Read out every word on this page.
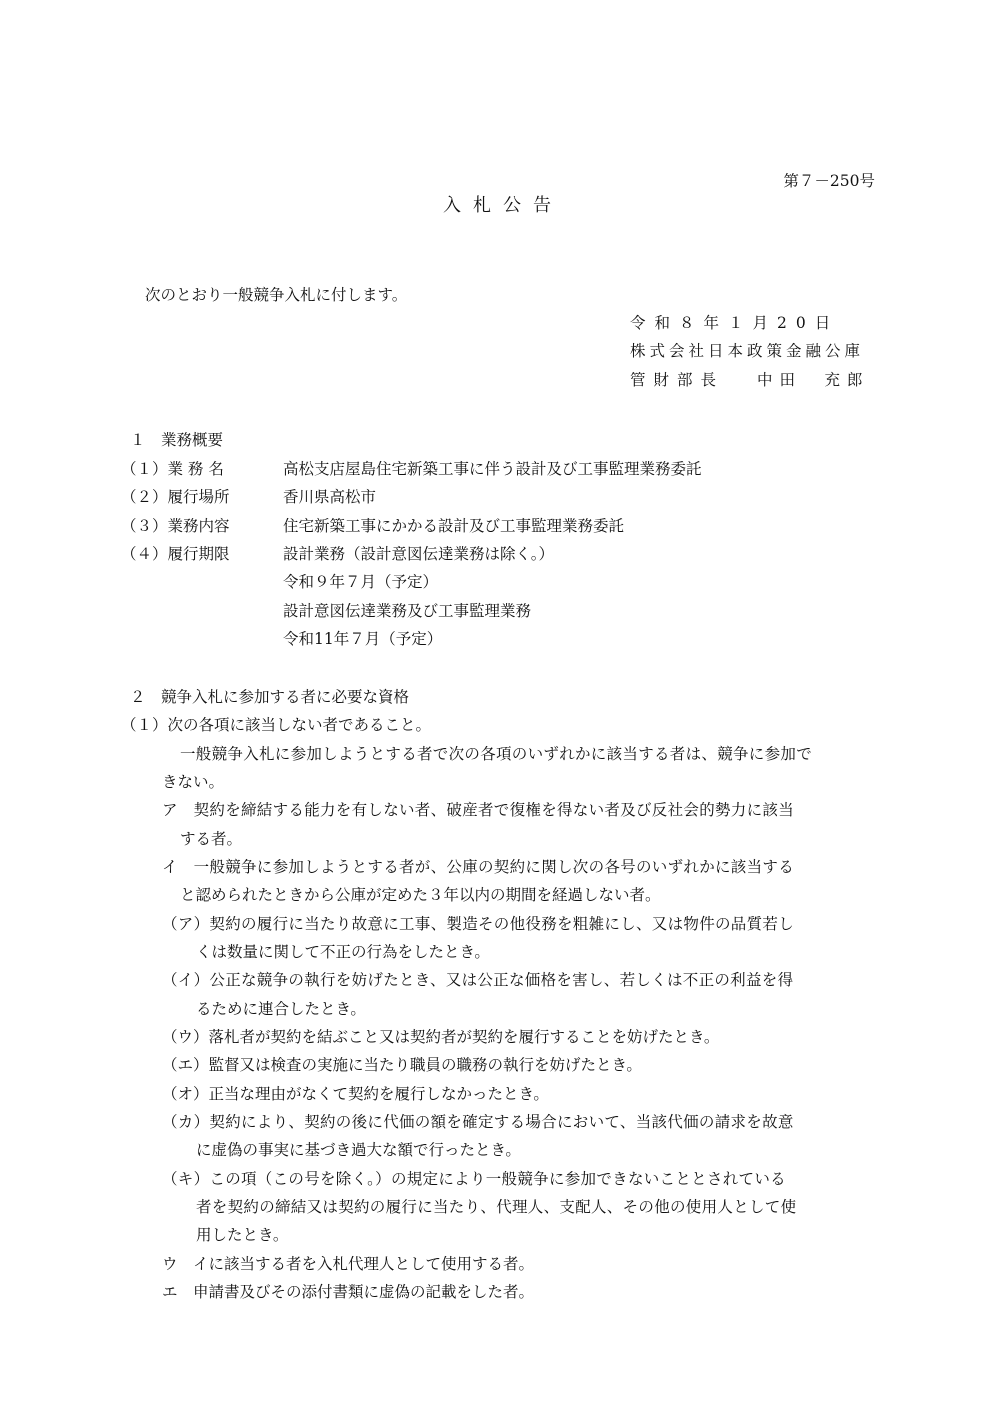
第７－250号
入札公告
次のとおり一般競争入札に付します。
令和８年１月20日
株式会社日本政策金融公庫
管財部長 中田　充郎
１　業務概要
（１）業 務 名	高松支店屋島住宅新築工事に伴う設計及び工事監理業務委託
（２）履行場所	香川県高松市
（３）業務内容	住宅新築工事にかかる設計及び工事監理業務委託
（４）履行期限	設計業務（設計意図伝達業務は除く。）
令和９年７月（予定）
設計意図伝達業務及び工事監理業務
令和11年７月（予定）
２　競争入札に参加する者に必要な資格
（１）次の各項に該当しない者であること。
一般競争入札に参加しようとする者で次の各項のいずれかに該当する者は、競争に参加で
きない。
ア　契約を締結する能力を有しない者、破産者で復権を得ない者及び反社会的勢力に該当
する者。
イ　一般競争に参加しようとする者が、公庫の契約に関し次の各号のいずれかに該当する
と認められたときから公庫が定めた３年以内の期間を経過しない者。
（ア）契約の履行に当たり故意に工事、製造その他役務を粗雑にし、又は物件の品質若し
くは数量に関して不正の行為をしたとき。
（イ）公正な競争の執行を妨げたとき、又は公正な価格を害し、若しくは不正の利益を得
るために連合したとき。
（ウ）落札者が契約を結ぶこと又は契約者が契約を履行することを妨げたとき。
（エ）監督又は検査の実施に当たり職員の職務の執行を妨げたとき。
（オ）正当な理由がなくて契約を履行しなかったとき。
（カ）契約により、契約の後に代価の額を確定する場合において、当該代価の請求を故意
に虚偽の事実に基づき過大な額で行ったとき。
（キ）この項（この号を除く。）の規定により一般競争に参加できないこととされている
者を契約の締結又は契約の履行に当たり、代理人、支配人、その他の使用人として使
用したとき。
ウ　イに該当する者を入札代理人として使用する者。
エ　申請書及びその添付書類に虚偽の記載をした者。
